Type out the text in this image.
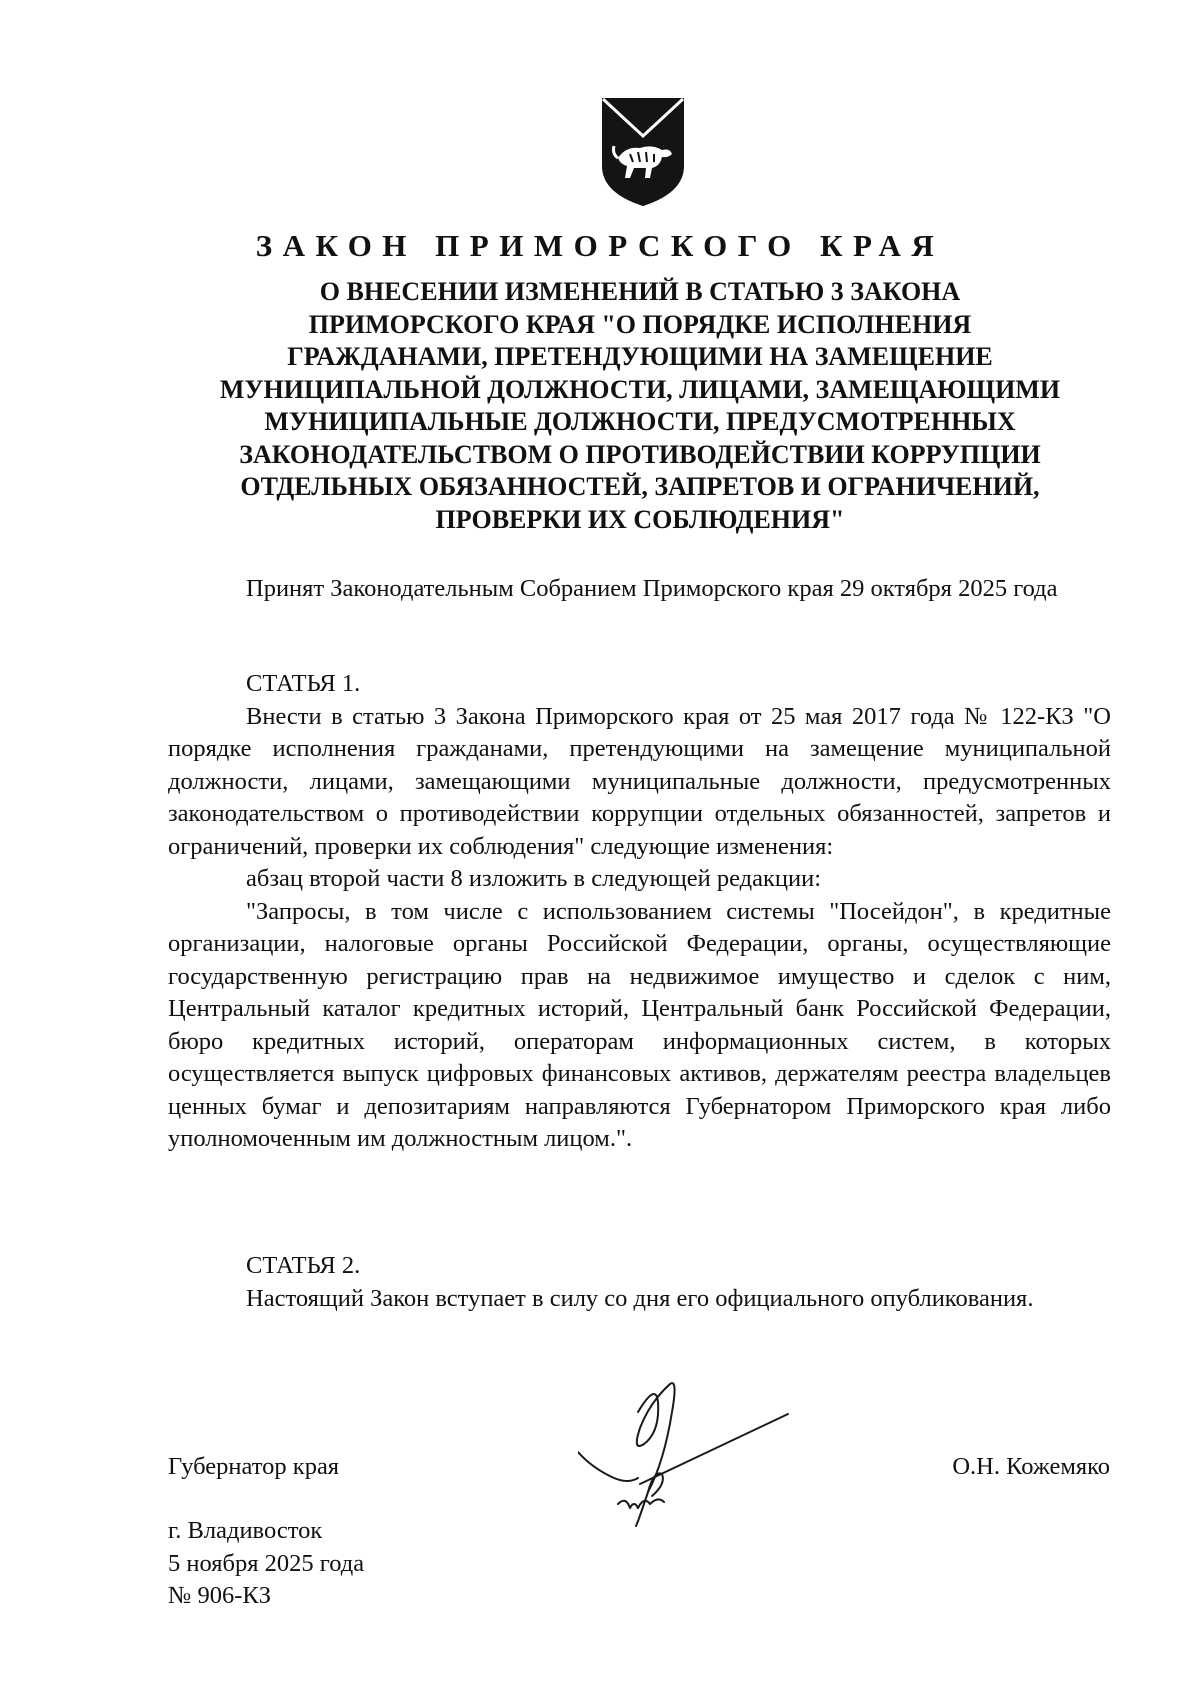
ЗАКОН ПРИМОРСКОГО КРАЯ
О ВНЕСЕНИИ ИЗМЕНЕНИЙ В СТАТЬЮ 3 ЗАКОНА
ПРИМОРСКОГО КРАЯ "О ПОРЯДКЕ ИСПОЛНЕНИЯ
ГРАЖДАНАМИ, ПРЕТЕНДУЮЩИМИ НА ЗАМЕЩЕНИЕ
МУНИЦИПАЛЬНОЙ ДОЛЖНОСТИ, ЛИЦАМИ, ЗАМЕЩАЮЩИМИ
МУНИЦИПАЛЬНЫЕ ДОЛЖНОСТИ, ПРЕДУСМОТРЕННЫХ
ЗАКОНОДАТЕЛЬСТВОМ О ПРОТИВОДЕЙСТВИИ КОРРУПЦИИ
ОТДЕЛЬНЫХ ОБЯЗАННОСТЕЙ, ЗАПРЕТОВ И ОГРАНИЧЕНИЙ,
ПРОВЕРКИ ИХ СОБЛЮДЕНИЯ"

Принят Законодательным Собранием Приморского края 29 октября 2025 года

СТАТЬЯ 1.

Внести в статью 3 Закона Приморского края от 25 мая 2017 года № 122-КЗ "О порядке исполнения гражданами, претендующими на замещение муниципальной должности, лицами, замещающими муниципальные должности, предусмотренных законодательством о противодействии коррупции отдельных обязанностей, запретов и ограничений, проверки их соблюдения" следующие изменения:

абзац второй части 8 изложить в следующей редакции:

"Запросы, в том числе с использованием системы "Посейдон", в кредитные организации, налоговые органы Российской Федерации, органы, осуществляющие государственную регистрацию прав на недвижимое имущество и сделок с ним, Центральный каталог кредитных историй, Центральный банк Российской Федерации, бюро кредитных историй, операторам информационных систем, в которых осуществляется выпуск цифровых финансовых активов, держателям реестра владельцев ценных бумаг и депозитариям направляются Губернатором Приморского края либо уполномоченным им должностным лицом.".

СТАТЬЯ 2.

Настоящий Закон вступает в силу со дня его официального опубликования.

Губернатор края	О.Н. Кожемяко
г. Владивосток
5 ноября 2025 года
№ 906-КЗ
